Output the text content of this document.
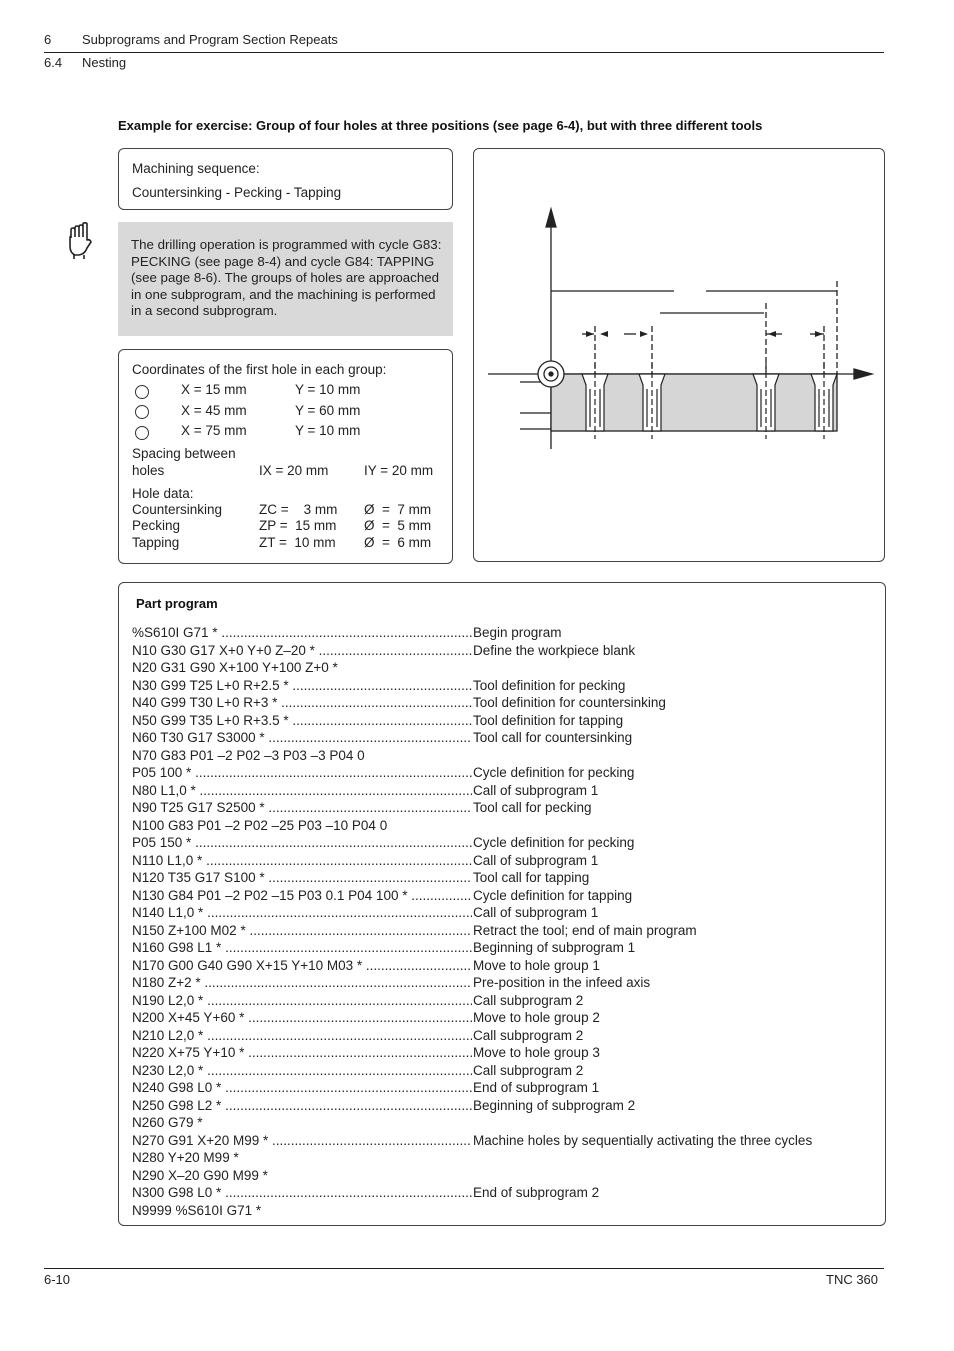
6 Subprograms and Program Section Repeats
6.4 Nesting
Example for exercise: Group of four holes at three positions (see page 6-4), but with three different tools
Machining sequence:
Countersinking - Pecking - Tapping
The drilling operation is programmed with cycle G83: PECKING (see page 8-4) and cycle G84: TAPPING (see page 8-6). The groups of holes are approached in one subprogram, and the machining is performed in a second subprogram.
Coordinates of the first hole in each group:
X = 15 mm	Y = 10 mm
X = 45 mm	Y = 60 mm
X = 75 mm	Y = 10 mm
Spacing between
holes	IX = 20 mm	IY = 20 mm
Hole data:
Countersinking	ZC =    3 mm Ø  =  7 mm
Pecking	ZP =  15 mm Ø  =  5 mm
Tapping	ZT =  10 mm Ø  =  6 mm
Part program
%S610I G71 * .....	Begin program
N10 G30 G17 X+0 Y+0 Z–20 * .....	Define the workpiece blank
N20 G31 G90 X+100 Y+100 Z+0 *
N30 G99 T25 L+0 R+2.5 * .....	Tool definition for pecking
N40 G99 T30 L+0 R+3 * .....	Tool definition for countersinking
N50 G99 T35 L+0 R+3.5 * .....	Tool definition for tapping
N60 T30 G17 S3000 * .....	Tool call for countersinking
N70 G83 P01 –2 P02 –3 P03 –3 P04 0
P05 100 * .....	Cycle definition for pecking
N80 L1,0 * .....	Call of subprogram 1
N90 T25 G17 S2500 * .....	Tool call for pecking
N100 G83 P01 –2 P02 –25 P03 –10 P04 0
P05 150 * .....	Cycle definition for pecking
N110 L1,0 * .....	Call of subprogram 1
N120 T35 G17 S100 * .....	Tool call for tapping
N130 G84 P01 –2 P02 –15 P03 0.1 P04 100 * .....	Cycle definition for tapping
N140 L1,0 * .....	Call of subprogram 1
N150 Z+100 M02 * .....	Retract the tool; end of main program
N160 G98 L1 * .....	Beginning of subprogram 1
N170 G00 G40 G90 X+15 Y+10 M03 * .....	Move to hole group 1
N180 Z+2 * .....	Pre-position in the infeed axis
N190 L2,0 * .....	Call subprogram 2
N200 X+45 Y+60 * .....	Move to hole group 2
N210 L2,0 * .....	Call subprogram 2
N220 X+75 Y+10 * .....	Move to hole group 3
N230 L2,0 * .....	Call subprogram 2
N240 G98 L0 * .....	End of subprogram 1
N250 G98 L2 * .....	Beginning of subprogram 2
N260 G79 *
N270 G91 X+20 M99 * .....	Machine holes by sequentially activating the three cycles
N280 Y+20 M99 *
N290 X–20 G90 M99 *
N300 G98 L0 * .....	End of subprogram 2
N9999 %S610I G71 *
6-10	TNC 360
